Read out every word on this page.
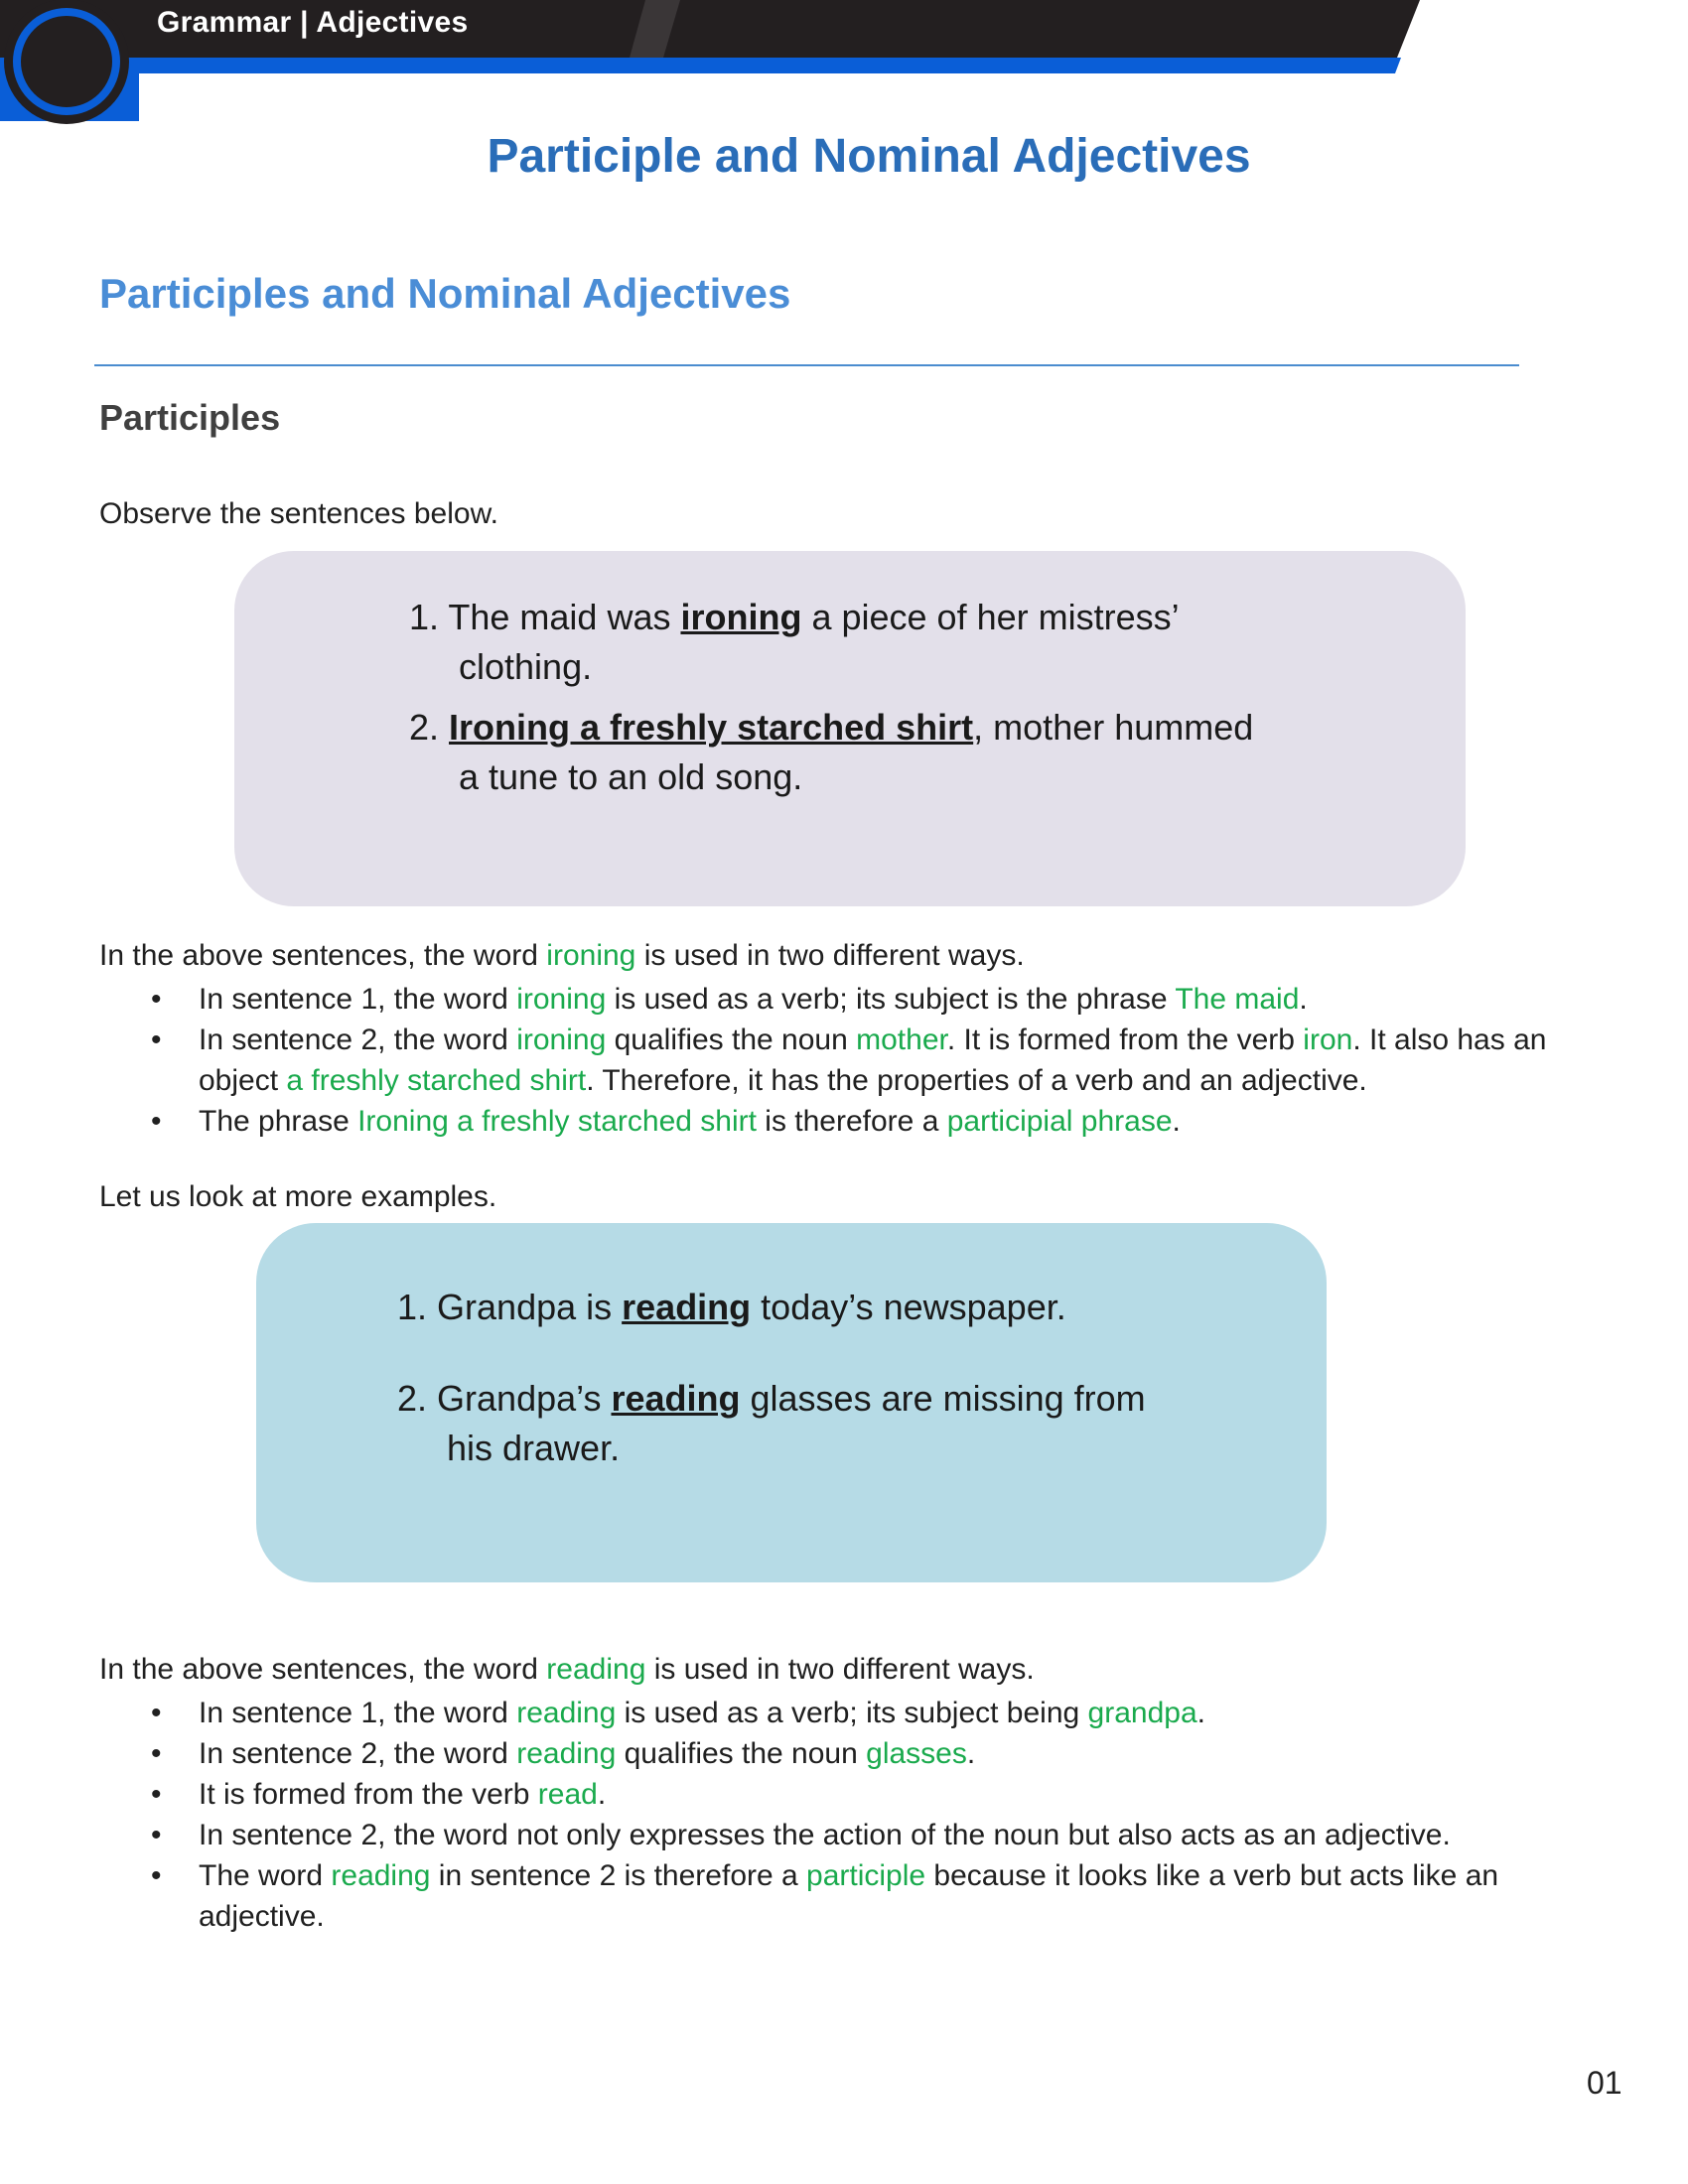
Grammar | Adjectives
Participle and Nominal Adjectives
Participles and Nominal Adjectives
Participles
Observe the sentences below.
1. The maid was ironing a piece of her mistress’
clothing.
2. Ironing a freshly starched shirt, mother hummed
a tune to an old song.
In the above sentences, the word ironing is used in two different ways.
• In sentence 1, the word ironing is used as a verb; its subject is the phrase The maid.
• In sentence 2, the word ironing qualifies the noun mother. It is formed from the verb iron. It also has an object a freshly starched shirt. Therefore, it has the properties of a verb and an adjective.
• The phrase Ironing a freshly starched shirt is therefore a participial phrase.
Let us look at more examples.
1. Grandpa is reading today’s newspaper.
2. Grandpa’s reading glasses are missing from
his drawer.
In the above sentences, the word reading is used in two different ways.
• In sentence 1, the word reading is used as a verb; its subject being grandpa.
• In sentence 2, the word reading qualifies the noun glasses.
• It is formed from the verb read.
• In sentence 2, the word not only expresses the action of the noun but also acts as an adjective.
• The word reading in sentence 2 is therefore a participle because it looks like a verb but acts like an adjective.
01
